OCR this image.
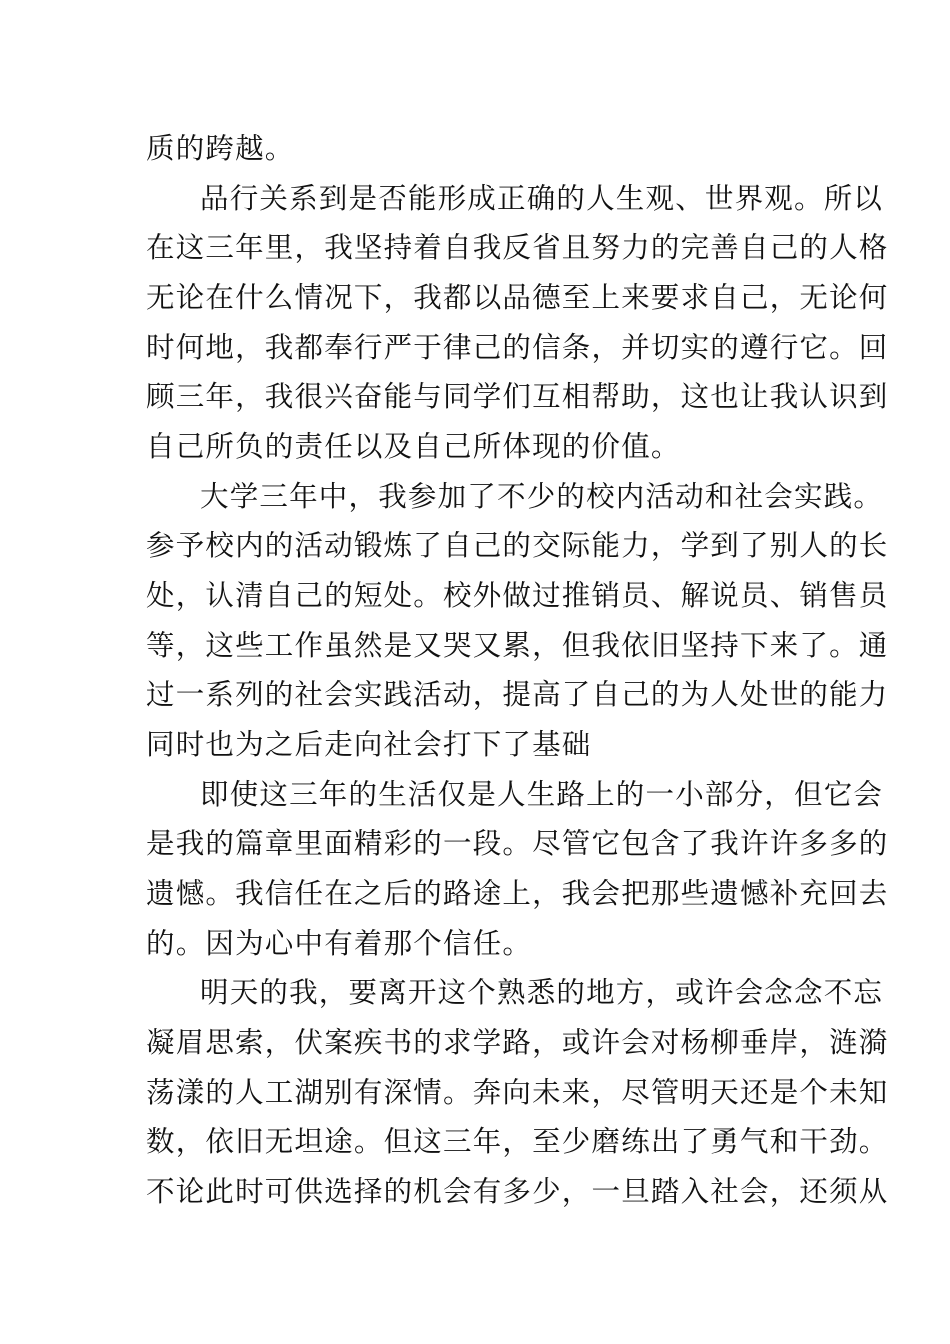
质的跨越。
品行关系到是否能形成正确的人生观、世界观。所以
在这三年里，我坚持着自我反省且努力的完善自己的人格
无论在什么情况下，我都以品德至上来要求自己，无论何
时何地，我都奉行严于律己的信条，并切实的遵行它。回
顾三年，我很兴奋能与同学们互相帮助，这也让我认识到
自己所负的责任以及自己所体现的价值。
大学三年中，我参加了不少的校内活动和社会实践。
参予校内的活动锻炼了自己的交际能力，学到了别人的长
处，认清自己的短处。校外做过推销员、解说员、销售员
等，这些工作虽然是又哭又累，但我依旧坚持下来了。通
过一系列的社会实践活动，提高了自己的为人处世的能力
同时也为之后走向社会打下了基础
即使这三年的生活仅是人生路上的一小部分，但它会
是我的篇章里面精彩的一段。尽管它包含了我许许多多的
遗憾。我信任在之后的路途上，我会把那些遗憾补充回去
的。因为心中有着那个信任。
明天的我，要离开这个熟悉的地方，或许会念念不忘
凝眉思索，伏案疾书的求学路，或许会对杨柳垂岸，涟漪
荡漾的人工湖别有深情。奔向未来，尽管明天还是个未知
数，依旧无坦途。但这三年，至少磨练出了勇气和干劲。
不论此时可供选择的机会有多少，一旦踏入社会，还须从
